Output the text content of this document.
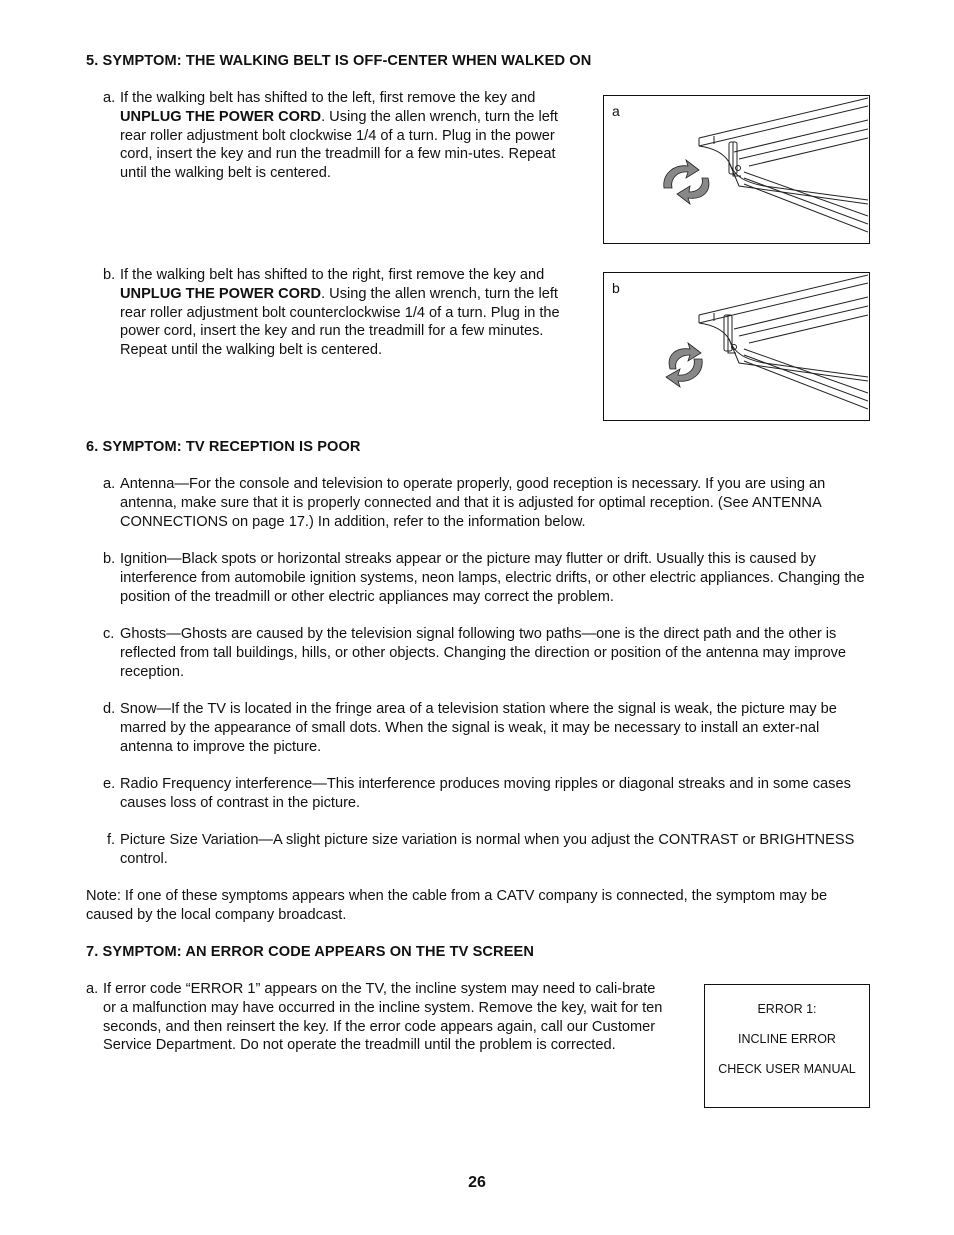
5. SYMPTOM: THE WALKING BELT IS OFF-CENTER WHEN WALKED ON
a. If the walking belt has shifted to the left, first remove the key and
UNPLUG THE POWER CORD. Using the allen wrench, turn the left rear roller adjustment bolt clockwise 1/4 of a turn. Plug in the power cord, insert the key and run the treadmill for a few min-utes. Repeat until the walking belt is centered.
b. If the walking belt has shifted to the right, first remove the key and UNPLUG THE POWER CORD. Using the allen wrench, turn the left rear roller adjustment bolt counterclockwise 1/4 of a turn. Plug in the power cord, insert the key and run the treadmill for a few minutes. Repeat until the walking belt is centered.
a
b
6. SYMPTOM: TV RECEPTION IS POOR
a. Antenna—For the console and television to operate properly, good reception is necessary. If you are using an antenna, make sure that it is properly connected and that it is adjusted for optimal reception. (See ANTENNA CONNECTIONS on page 17.) In addition, refer to the information below.
b. Ignition—Black spots or horizontal streaks appear or the picture may flutter or drift. Usually this is caused by interference from automobile ignition systems, neon lamps, electric drifts, or other electric appliances. Changing the position of the treadmill or other electric appliances may correct the problem.
c. Ghosts—Ghosts are caused by the television signal following two paths—one is the direct path and the other is reflected from tall buildings, hills, or other objects. Changing the direction or position of the antenna may improve reception.
d. Snow—If the TV is located in the fringe area of a television station where the signal is weak, the picture may be marred by the appearance of small dots. When the signal is weak, it may be necessary to install an exter-nal antenna to improve the picture.
e. Radio Frequency interference—This interference produces moving ripples or diagonal streaks and in some cases causes loss of contrast in the picture.
f. Picture Size Variation—A slight picture size variation is normal when you adjust the CONTRAST or BRIGHTNESS control.
Note: If one of these symptoms appears when the cable from a CATV company is connected, the symptom may be caused by the local company broadcast.
7. SYMPTOM: AN ERROR CODE APPEARS ON THE TV SCREEN
a. If error code “ERROR 1” appears on the TV, the incline system may need to cali-brate or a malfunction may have occurred in the incline system. Remove the key, wait for ten seconds, and then reinsert the key. If the error code appears again, call our Customer Service Department. Do not operate the treadmill until the problem is corrected.
ERROR 1:
INCLINE ERROR
CHECK USER MANUAL
26
